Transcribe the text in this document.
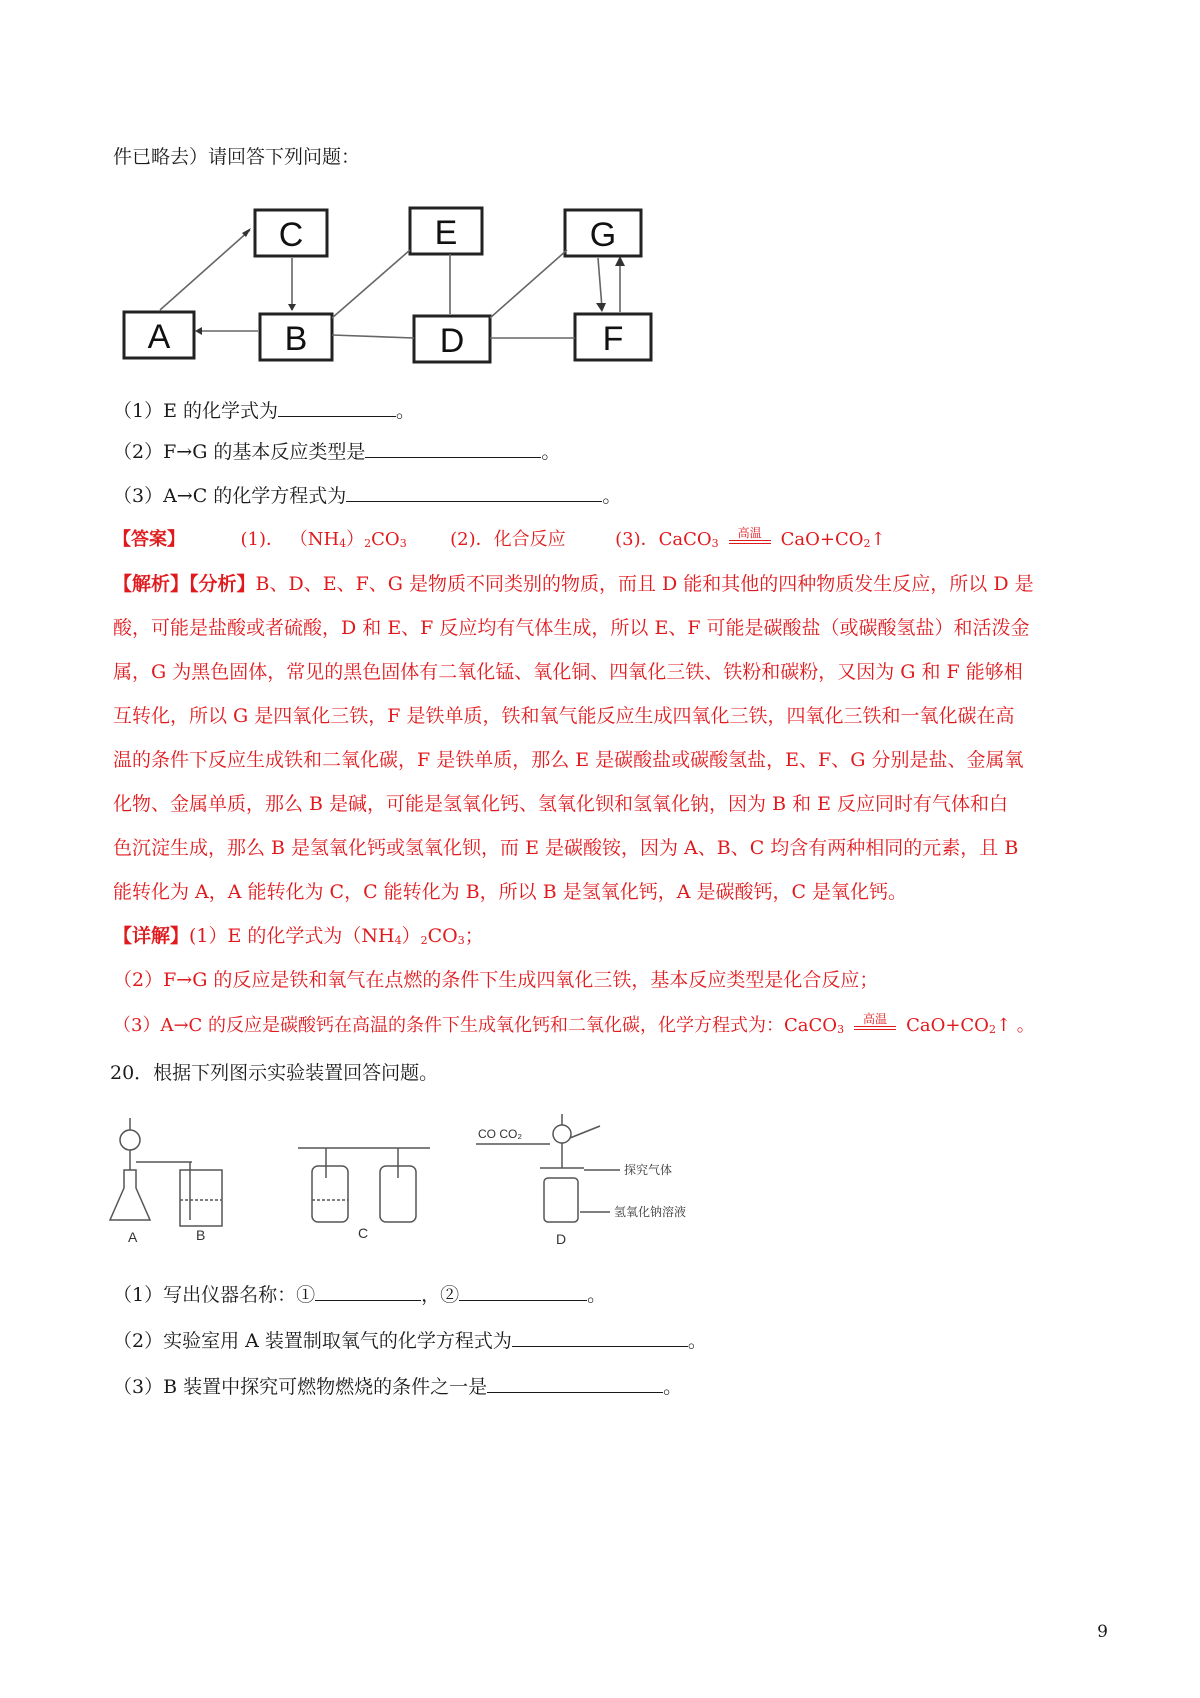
件已略去）请回答下列问题：
C	E	G
A	B	D	F
（1）E 的化学式为	。
（2）F→G 的基本反应类型是	。
（3）A→C 的化学方程式为	。
【答案】	(1)． $(NH_4)_2CO_3$ (2)．化合反应	(3)．CaCO$_3^{高温}$ $CaO+CO_2↑$
【解析】【分析】B、D、E、F、G 是物质不同类别的物质，而且 D 能和其他的四种物质发生反应，所以 D 是
酸，可能是盐酸或者硫酸，D 和 E、F 反应均有气体生成，所以 E、F 可能是碳酸盐（或碳酸氢盐）和活泼金
属，G 为黑色固体，常见的黑色固体有二氧化锰、氧化铜、四氧化三铁、铁粉和碳粉，又因为 G 和 F 能够相
互转化，所以 G 是四氧化三铁，F 是铁单质，铁和氧气能反应生成四氧化三铁，四氧化三铁和一氧化碳在高
温的条件下反应生成铁和二氧化碳，F 是铁单质，那么 E 是碳酸盐或碳酸氢盐，E、F、G 分别是盐、金属氧
化物、金属单质，那么 B 是碱，可能是氢氧化钙、氢氧化钡和氢氧化钠，因为 B 和 E 反应同时有气体和白
色沉淀生成，那么 B 是氢氧化钙或氢氧化钡，而 E 是碳酸铵，因为 A、B、C 均含有两种相同的元素，且 B
能转化为 A，A 能转化为 C，C 能转化为 B，所以 B 是氢氧化钙，A 是碳酸钙，C 是氧化钙。
【详解】(1）E 的化学式为$(NH_4)_2CO_3$；
（2）F→G 的反应是铁和氧气在点燃的条件下生成四氧化三铁，基本反应类型是化合反应；
（3）A→C 的反应是碳酸钙在高温的条件下生成氧化钙和二氧化碳，化学方程式为：CaCO$_3^{高温}$ $CaO+CO_2↑$ 。
20．根据下列图示实验装置回答问题。
A	B	C	D
CO CO₂
探究气体
氢氧化钠溶液
（1）写出仪器名称：①	，②	。
（2）实验室用 A 装置制取氧气的化学方程式为	。
（3）B 装置中探究可燃物燃烧的条件之一是	。
9
